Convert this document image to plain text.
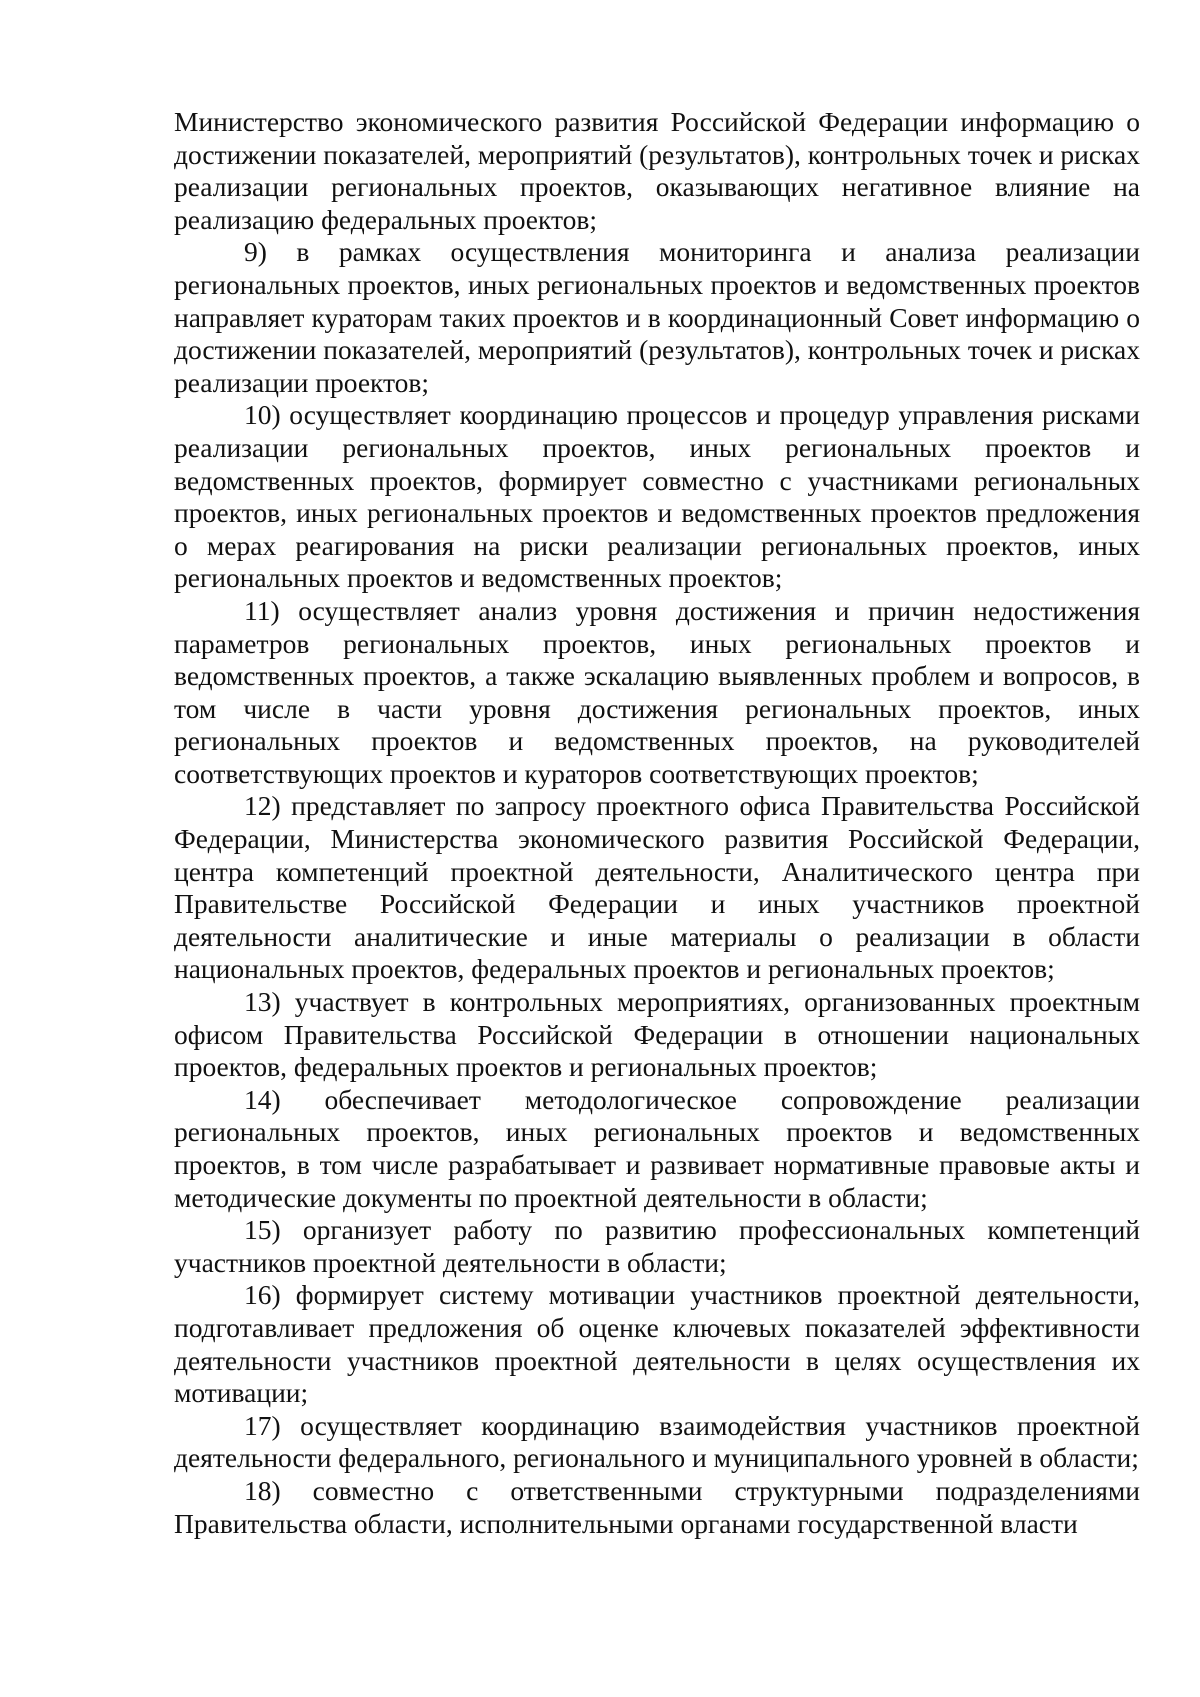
Министерство экономического развития Российской Федерации информацию о достижении показателей, мероприятий (результатов), контрольных точек и рисках реализации региональных проектов, оказывающих негативное влияние на реализацию федеральных проектов;

9) в рамках осуществления мониторинга и анализа реализации региональных проектов, иных региональных проектов и ведомственных проектов направляет кураторам таких проектов и в координационный Совет информацию о достижении показателей, мероприятий (результатов), контрольных точек и рисках реализации проектов;

10) осуществляет координацию процессов и процедур управления рисками реализации региональных проектов, иных региональных проектов и ведомственных проектов, формирует совместно с участниками региональных проектов, иных региональных проектов и ведомственных проектов предложения о мерах реагирования на риски реализации региональных проектов, иных региональных проектов и ведомственных проектов;

11) осуществляет анализ уровня достижения и причин недостижения параметров региональных проектов, иных региональных проектов и ведомственных проектов, а также эскалацию выявленных проблем и вопросов, в том числе в части уровня достижения региональных проектов, иных региональных проектов и ведомственных проектов, на руководителей соответствующих проектов и кураторов соответствующих проектов;

12) представляет по запросу проектного офиса Правительства Российской Федерации, Министерства экономического развития Российской Федерации, центра компетенций проектной деятельности, Аналитического центра при Правительстве Российской Федерации и иных участников проектной деятельности аналитические и иные материалы о реализации в области национальных проектов, федеральных проектов и региональных проектов;

13) участвует в контрольных мероприятиях, организованных проектным офисом Правительства Российской Федерации в отношении национальных проектов, федеральных проектов и региональных проектов;

14) обеспечивает методологическое сопровождение реализации региональных проектов, иных региональных проектов и ведомственных проектов, в том числе разрабатывает и развивает нормативные правовые акты и методические документы по проектной деятельности в области;

15) организует работу по развитию профессиональных компетенций участников проектной деятельности в области;

16) формирует систему мотивации участников проектной деятельности, подготавливает предложения об оценке ключевых показателей эффективности деятельности участников проектной деятельности в целях осуществления их мотивации;

17) осуществляет координацию взаимодействия участников проектной деятельности федерального, регионального и муниципального уровней в области;

18) совместно с ответственными структурными подразделениями Правительства области, исполнительными органами государственной власти
